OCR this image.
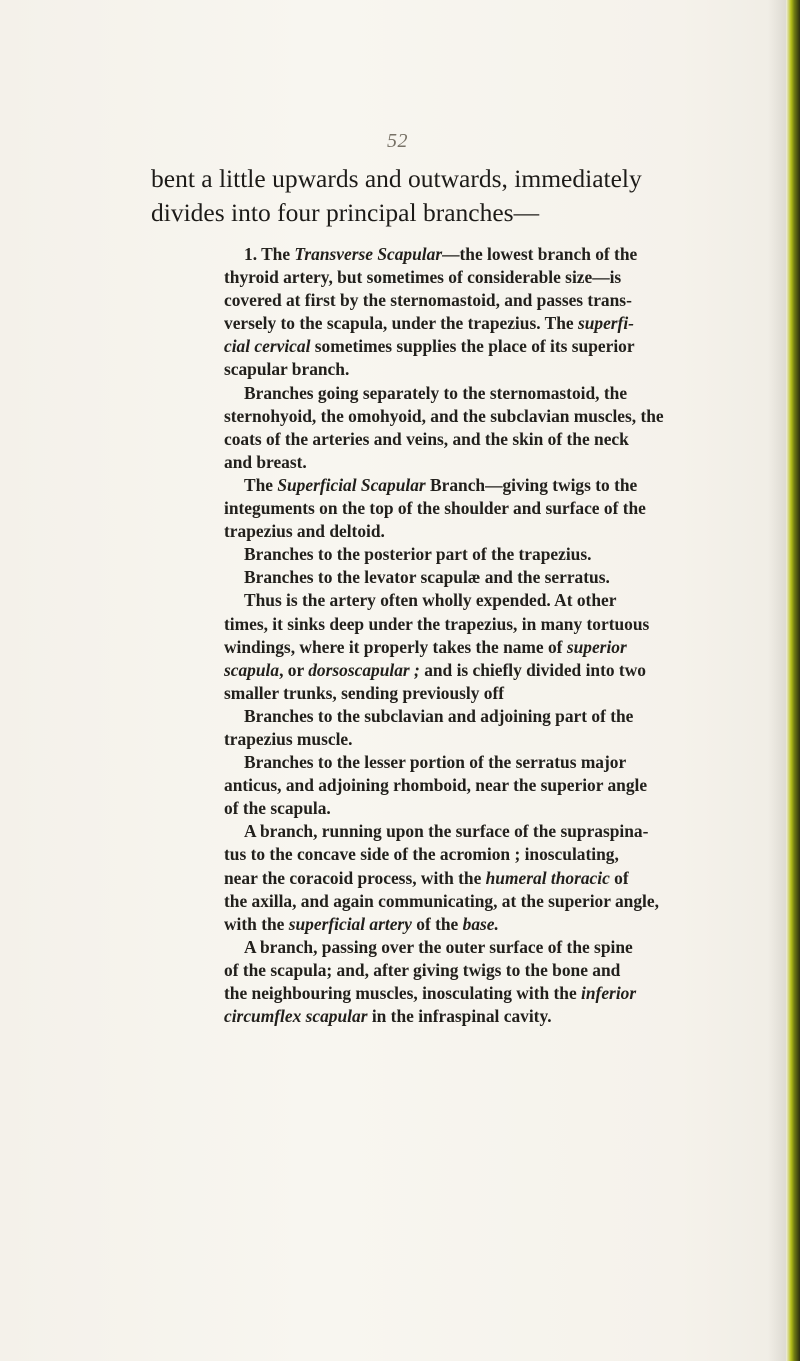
52
bent a little upwards and outwards, immediately
divides into four principal branches—
1. The Transverse Scapular—the lowest branch of the
thyroid artery, but sometimes of considerable size—is
covered at first by the sternomastoid, and passes trans-
versely to the scapula, under the trapezius. The superfi-
cial cervical sometimes supplies the place of its superior
scapular branch.
Branches going separately to the sternomastoid, the
sternohyoid, the omohyoid, and the subclavian muscles, the
coats of the arteries and veins, and the skin of the neck
and breast.
The Superficial Scapular Branch—giving twigs to the
integuments on the top of the shoulder and surface of the
trapezius and deltoid.
Branches to the posterior part of the trapezius.
Branches to the levator scapulæ and the serratus.
Thus is the artery often wholly expended. At other
times, it sinks deep under the trapezius, in many tortuous
windings, where it properly takes the name of superior
scapula, or dorsoscapular ; and is chiefly divided into two
smaller trunks, sending previously off
Branches to the subclavian and adjoining part of the
trapezius muscle.
Branches to the lesser portion of the serratus major
anticus, and adjoining rhomboid, near the superior angle
of the scapula.
A branch, running upon the surface of the supraspina-
tus to the concave side of the acromion ; inosculating,
near the coracoid process, with the humeral thoracic of
the axilla, and again communicating, at the superior angle,
with the superficial artery of the base.
A branch, passing over the outer surface of the spine
of the scapula; and, after giving twigs to the bone and
the neighbouring muscles, inosculating with the inferior
circumflex scapular in the infraspinal cavity.
